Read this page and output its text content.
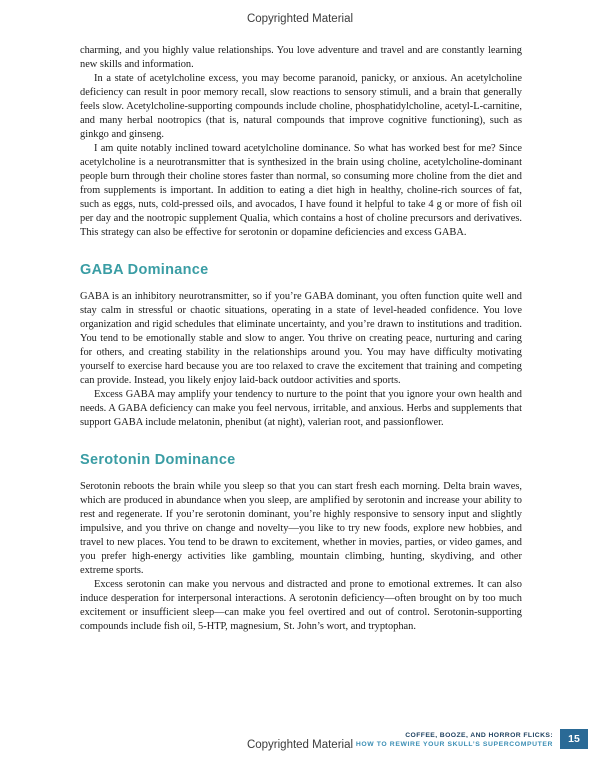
Copyrighted Material

charming, and you highly value relationships. You love adventure and travel and are constantly learning new skills and information.

In a state of acetylcholine excess, you may become paranoid, panicky, or anxious. An acetylcholine deficiency can result in poor memory recall, slow reactions to sensory stimuli, and a brain that generally feels slow. Acetylcholine-supporting compounds include choline, phosphatidylcholine, acetyl-L-carnitine, and many herbal nootropics (that is, natural compounds that improve cognitive functioning), such as ginkgo and ginseng.

I am quite notably inclined toward acetylcholine dominance. So what has worked best for me? Since acetylcholine is a neurotransmitter that is synthesized in the brain using choline, acetylcholine-dominant people burn through their choline stores faster than normal, so consuming more choline from the diet and from supplements is important. In addition to eating a diet high in healthy, choline-rich sources of fat, such as eggs, nuts, cold-pressed oils, and avocados, I have found it helpful to take 4 g or more of fish oil per day and the nootropic supplement Qualia, which contains a host of choline precursors and derivatives. This strategy can also be effective for serotonin or dopamine deficiencies and excess GABA.

GABA Dominance

GABA is an inhibitory neurotransmitter, so if you’re GABA dominant, you often function quite well and stay calm in stressful or chaotic situations, operating in a state of level-headed confidence. You love organization and rigid schedules that eliminate uncertainty, and you’re drawn to institutions and tradition. You tend to be emotionally stable and slow to anger. You thrive on creating peace, nurturing and caring for others, and creating stability in the relationships around you. You may have difficulty motivating yourself to exercise hard because you are too relaxed to crave the excitement that training and competing can provide. Instead, you likely enjoy laid-back outdoor activities and sports.

Excess GABA may amplify your tendency to nurture to the point that you ignore your own health and needs. A GABA deficiency can make you feel nervous, irritable, and anxious. Herbs and supplements that support GABA include melatonin, phenibut (at night), valerian root, and passionflower.

Serotonin Dominance

Serotonin reboots the brain while you sleep so that you can start fresh each morning. Delta brain waves, which are produced in abundance when you sleep, are amplified by serotonin and increase your ability to rest and regenerate. If you’re serotonin dominant, you’re highly responsive to sensory input and slightly impulsive, and you thrive on change and novelty—you like to try new foods, explore new hobbies, and travel to new places. You tend to be drawn to excitement, whether in movies, parties, or video games, and you prefer high-energy activities like gambling, mountain climbing, hunting, skydiving, and other extreme sports.

Excess serotonin can make you nervous and distracted and prone to emotional extremes. It can also induce desperation for interpersonal interactions. A serotonin deficiency—often brought on by too much excitement or insufficient sleep—can make you feel overtired and out of control. Serotonin-supporting compounds include fish oil, 5-HTP, magnesium, St. John’s wort, and tryptophan.

Copyrighted Material
COFFEE, BOOZE, AND HORROR FLICKS:
HOW TO REWIRE YOUR SKULL’S SUPERCOMPUTER 15
